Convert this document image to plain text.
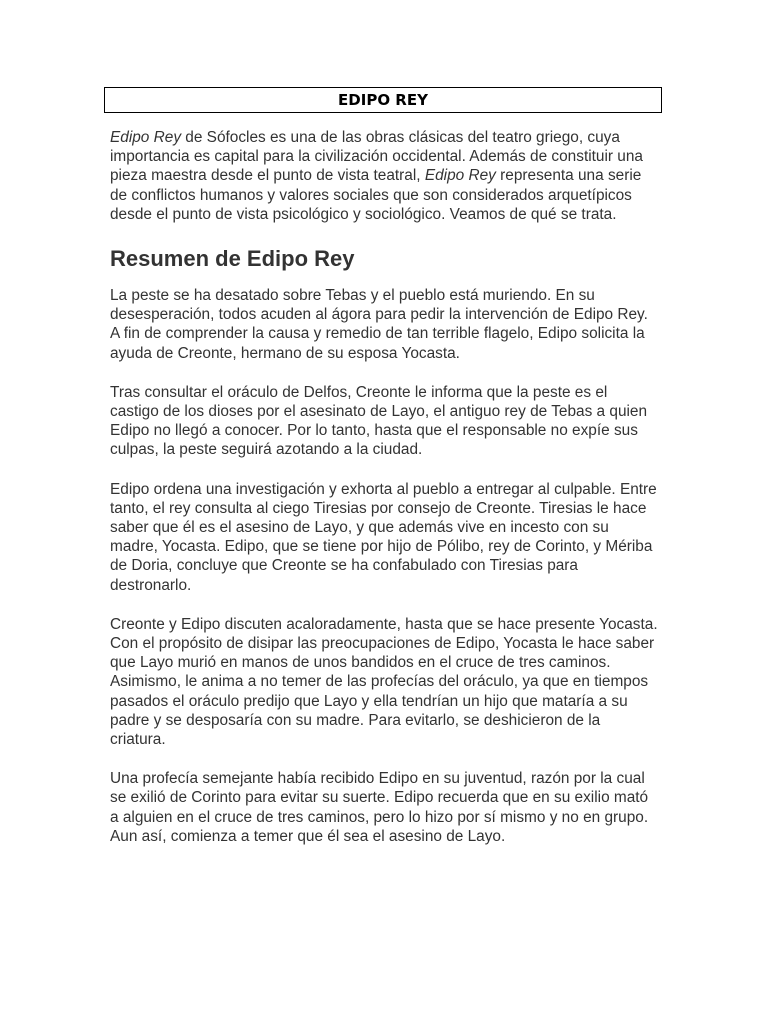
EDIPO REY

Edipo Rey de Sófocles es una de las obras clásicas del teatro griego, cuya importancia es capital para la civilización occidental. Además de constituir una pieza maestra desde el punto de vista teatral, Edipo Rey representa una serie de conflictos humanos y valores sociales que son considerados arquetípicos desde el punto de vista psicológico y sociológico. Veamos de qué se trata.

Resumen de Edipo Rey

La peste se ha desatado sobre Tebas y el pueblo está muriendo. En su desesperación, todos acuden al ágora para pedir la intervención de Edipo Rey. A fin de comprender la causa y remedio de tan terrible flagelo, Edipo solicita la ayuda de Creonte, hermano de su esposa Yocasta.

Tras consultar el oráculo de Delfos, Creonte le informa que la peste es el castigo de los dioses por el asesinato de Layo, el antiguo rey de Tebas a quien Edipo no llegó a conocer. Por lo tanto, hasta que el responsable no expíe sus culpas, la peste seguirá azotando a la ciudad.

Edipo ordena una investigación y exhorta al pueblo a entregar al culpable. Entre tanto, el rey consulta al ciego Tiresias por consejo de Creonte. Tiresias le hace saber que él es el asesino de Layo, y que además vive en incesto con su madre, Yocasta. Edipo, que se tiene por hijo de Pólibo, rey de Corinto, y Mériba de Doria, concluye que Creonte se ha confabulado con Tiresias para destronarlo.

Creonte y Edipo discuten acaloradamente, hasta que se hace presente Yocasta. Con el propósito de disipar las preocupaciones de Edipo, Yocasta le hace saber que Layo murió en manos de unos bandidos en el cruce de tres caminos. Asimismo, le anima a no temer de las profecías del oráculo, ya que en tiempos pasados el oráculo predijo que Layo y ella tendrían un hijo que mataría a su padre y se desposaría con su madre. Para evitarlo, se deshicieron de la criatura.

Una profecía semejante había recibido Edipo en su juventud, razón por la cual se exilió de Corinto para evitar su suerte. Edipo recuerda que en su exilio mató a alguien en el cruce de tres caminos, pero lo hizo por sí mismo y no en grupo. Aun así, comienza a temer que él sea el asesino de Layo.
